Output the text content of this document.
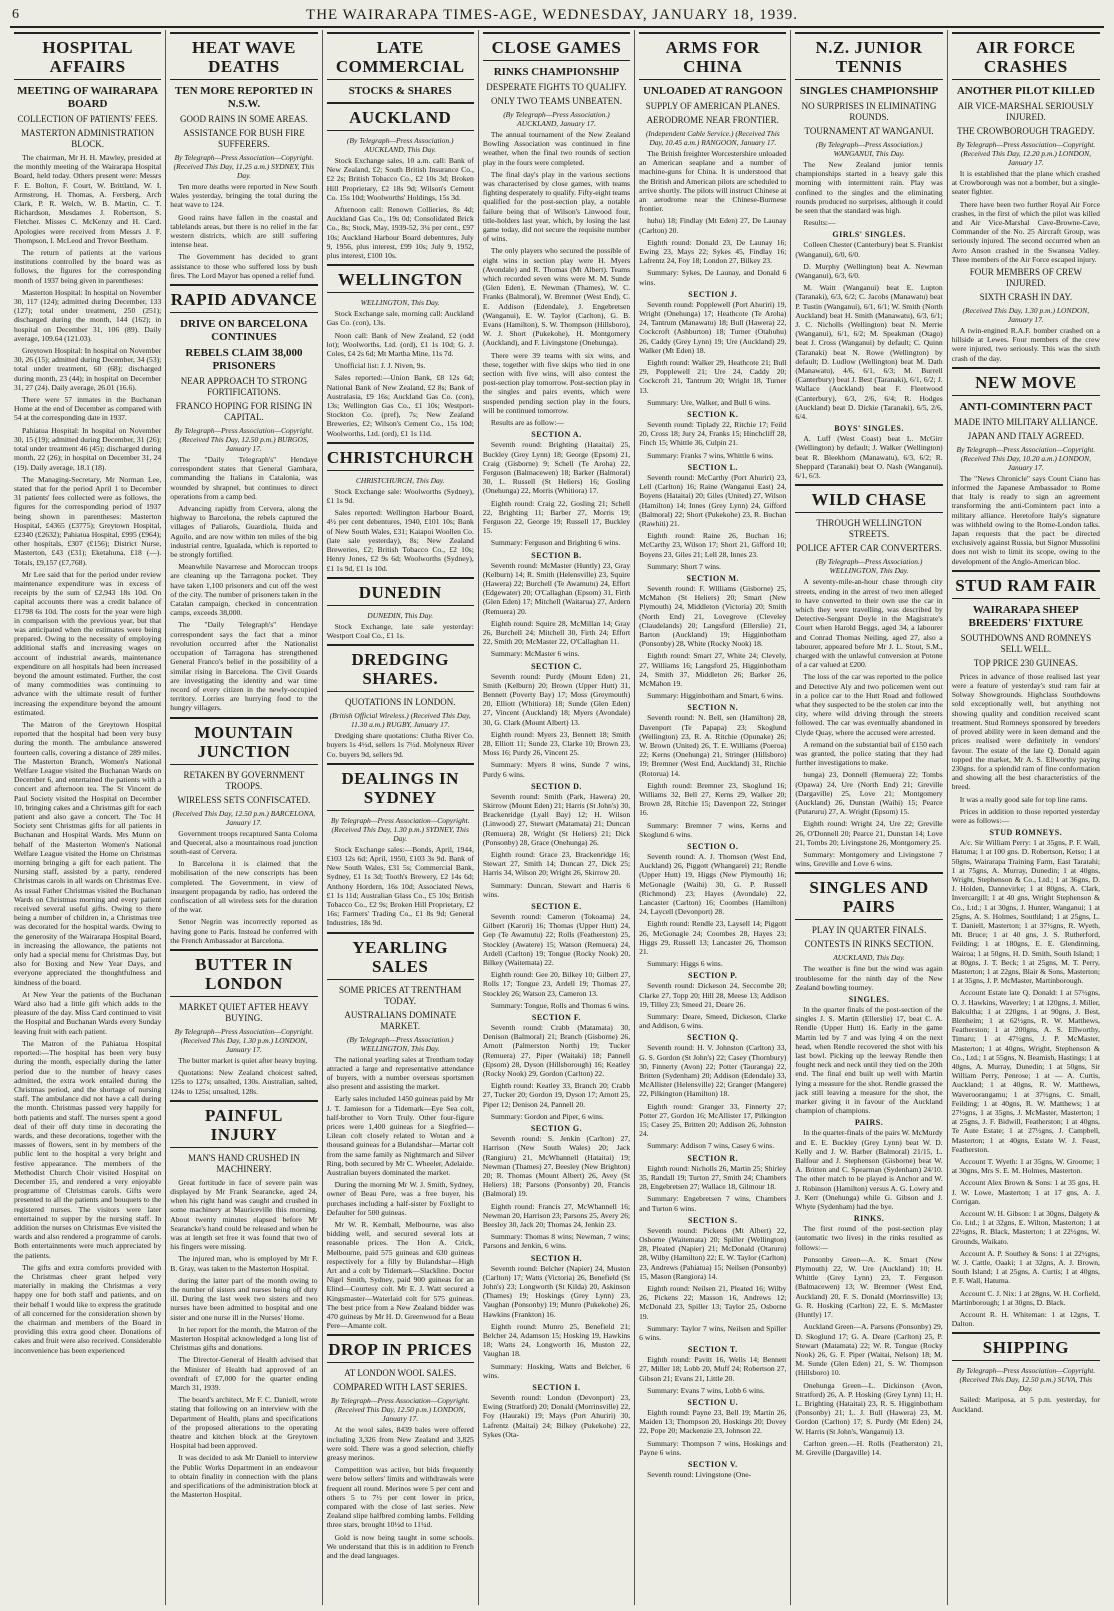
6	THE WAIRARAPA TIMES-AGE, WEDNESDAY, JANUARY 18, 1939.
HOSPITAL AFFAIRS
MEETING OF WAIRARAPA BOARD
COLLECTION OF PATIENTS' FEES.
MASTERTON ADMINISTRATION BLOCK.
The chairman, Mr H. H. Mawley, presided at the monthly meeting of the Wairarapa Hospital Board, held today. Others present were: Messrs F. E. Bolton, F. Court, W. Brittland, W. I. Armstrong, H. Thomas, A. Fersberg, Arch Clark, P. R. Welch, W. B. Martin, C. T. Richardson, Mesdames J. Robertson, S. Fletcher. Misses C. McKenzy and H. Card. Apologies were received from Messrs J. F. Thompson, I. McLeod and Trevor Beetham.
The return of patients at the various institutions controlled by the board was as follows, the figures for the corresponding month of 1937 being given in parentheses:
Masterton Hospital: In hospital on November 30, 117 (124); admitted during December, 133 (127); total under treatment, 250 (251); discharged during the month, 144 (162); in hospital on December 31, 106 (89). Daily average, 109.64 (121.03).
Greytown Hospital: In hospital on November 30, 26 (15); admitted during December, 34 (53); total under treatment, 60 (68); discharged during month, 23 (44); in hospital on December 31, 27 (24). Daily average, 26.01 (16.6).
There were 57 inmates in the Buchanan Home at the end of December as compared with 54 at the corresponding date in 1937.
Pahiatua Hospital: In hospital on November 30, 15 (19); admitted during December, 31 (26); total under treatment 46 (45); discharged during month, 22 (26); in hospital on December 31, 24 (19). Daily average, 18.1 (18).
The Managing-Secretary, Mr Norman Lee, stated that for the period April 1 to December 31 patients' fees collected were as follows, the figures for the corresponding period of 1937 being shown in parentheses: Masterton Hospital, £4365 (£3775); Greytown Hospital, £2340 (£2632); Pahiatua Hospital, £995 (£964); other hospitals, £307 (£156); District Nurse, Masterton, £43 (£31); Eketahuna, £18 (—). Totals, £9,157 (£7,768).
Mr Lee said that for the period under review maintenance expenditure was in excess of receipts by the sum of £2,943 18s 10d. On capital accounts there was a credit balance of £1798 6s 10d. The costs for the year were high in comparison with the previous year, but that was anticipated when the estimates were being prepared. Owing to the necessity of employing additional staffs and increasing wages on account of industrial awards, maintenance expenditure on all hospitals had been increased beyond the amount estimated. Further, the cost of many commodities was continuing to advance with the ultimate result of further increasing the expenditure beyond the amount estimated.
The Matron of the Greytown Hospital reported that the hospital had been very busy during the month. The ambulance answered fourteen calls, covering a distance of 289 miles. The Masterton Branch, Women's National Welfare League visited the Buchanan Wards on December 6, and entertained the patients with a concert and afternoon tea. The St Vincent de Paul Society visited the Hospital on December 10, bringing cakes and a Christmas gift for each patient and also gave a concert. The Toc H Society sent Christmas gifts for all patients in Buchanan and Hospital Wards. Mrs Munn on behalf of the Masterton Women's National Welfare League visited the Home on Christmas morning bringing a gift for each patient. The Nursing staff, assisted by a party, rendered Christmas carols in all wards on Christmas Eve. As usual Father Christmas visited the Buchanan Wards on Christmas morning and every patient received several useful gifts. Owing to there being a number of children in, a Christmas tree was decorated for the hospital wards. Owing to the generosity of the Wairarapa Hospital Board, in increasing the allowance, the patients not only had a special menu for Christmas Day, but also for Boxing and New Year Days, and everyone appreciated the thoughtfulness and kindness of the board.
At New Year the patients of the Buchanan Ward also had a little gift which adds to the pleasure of the day. Miss Card continued to visit the Hospital and Buchanan Wards every Sunday leaving fruit with each patient.
The Matron of the Pahiatua Hospital reported:—The hospital has been very busy during the month, especially during the latter period due to the number of heavy cases admitted, the extra work entailed during the Christmas period, and the shortage of nursing staff. The ambulance did not have a call during the month. Christmas passed very happily for both patients and staff. The nurses spent a good deal of their off duty time in decorating the wards, and these decorations, together with the masses of flowers, sent in by members of the public lent to the hospital a very bright and festive appearance. The members of the Methodist Church Choir visited Hospital on December 15, and rendered a very enjoyable programme of Christmas carols. Gifts were presented to all the patients and bouquets to the registered nurses. The visitors were later entertained to supper by the nursing staff. In addition the nurses on Christmas Eve visited the wards and also rendered a programme of carols. Both entertainments were much appreciated by the patients.
The gifts and extra comforts provided with the Christmas cheer grant helped very materially in making the Christmas a very happy one for both staff and patients, and on their behalf I would like to express the gratitude of all concerned for the consideration shown by the chairman and members of the Board in providing this extra good cheer. Donations of cakes and fruit were also received. Considerable inconvenience has been experienced
HEAT WAVE DEATHS
TEN MORE REPORTED IN N.S.W.
GOOD RAINS IN SOME AREAS.
ASSISTANCE FOR BUSH FIRE SUFFERERS.
By Telegraph—Press Association—Copyright. (Received This Day, 11.25 a.m.) SYDNEY, This Day.
Ten more deaths were reported in New South Wales yesterday, bringing the total during the heat wave to 124.
Good rains have fallen in the coastal and tablelands areas, but there is no relief in the far western districts, which are still suffering intense heat.
The Government has decided to grant assistance to those who suffered loss by bush fires. The Lord Mayor has opened a relief fund.
RAPID ADVANCE
DRIVE ON BARCELONA CONTINUES
REBELS CLAIM 38,000 PRISONERS
NEAR APPROACH TO STRONG FORTIFICATIONS.
FRANCO HOPING FOR RISING IN CAPITAL.
By Telegraph—Press Association—Copyright. (Received This Day, 12.50 p.m.) BURGOS, January 17.
The "Daily Telegraph's" Hendaye correspondent states that General Gambara, commanding the Italians in Catalonia, was wounded by shrapnel, but continues to direct operations from a camp bed.
Advancing rapidly from Cervera, along the highway to Barcelona, the rebels captured the villages of Paliarols, Guardiola, Iluida and Aguilo, and are now within ten miles of the big industrial centre, Igualada, which is reported to be strongly fortified.
Meanwhile Navarrese and Moroccan troops are cleaning up the Tarragona pocket. They have taken 1,100 prisoners and cut off the west of the city. The number of prisoners taken in the Catalan campaign, checked in concentration camps, exceeds 38,000.
The "Daily Telegraph's" Hendaye correspondent says the fact that a minor revolution occurred after the Nationalist occupation of Tarragona has strengthened General Franco's belief in the possibility of a similar rising in Barcelona. The Civil Guards are investigating the identity and war time record of every citizen in the newly-occupied territory. Lorries are hurrying food to the hungry villagers.
MOUNTAIN JUNCTION
RETAKEN BY GOVERNMENT TROOPS.
WIRELESS SETS CONFISCATED.
(Received This Day, 12.50 p.m.) BARCELONA, January 17.
Government troops recaptured Santa Coloma and Queceral, also a mountainous road junction south-east of Cervera.
In Barcelona it is claimed that the mobilisation of the new conscripts has been completed. The Government, in view of insurgent propaganda by radio, has ordered the confiscation of all wireless sets for the duration of the war.
Senor Negrin was incorrectly reported as having gone to Paris. Instead he conferred with the French Ambassador at Barcelona.
BUTTER IN LONDON
MARKET QUIET AFTER HEAVY BUYING.
By Telegraph—Press Association—Copyright. (Received This Day, 1.30 p.m.) LONDON, January 17.
The butter market is quiet after heavy buying.
Quotations: New Zealand choicest salted, 125s to 127s; unsalted, 130s. Australian, salted, 124s to 125s; unsalted, 128s.
PAINFUL INJURY
MAN'S HAND CRUSHED IN MACHINERY.
Great fortitude in face of severe pain was displayed by Mr Frank Searancke, aged 24, when his right hand was caught and crushed in some machinery at Mauriceville this morning. About twenty minutes elapsed before Mr Searancke's hand could be released and when he was at length set free it was found that two of his fingers were missing.
The injured man, who is employed by Mr F. B. Gray, was taken to the Masterton Hospital.
during the latter part of the month owing to the number of sisters and nurses being off duty ill. During the last week two sisters and two nurses have been admitted to hospital and one sister and one nurse ill in the Nurses' Home.
In her report for the month, the Matron of the Masterton Hospital acknowledged a long list of Christmas gifts and donations.
The Director-General of Health advised that the Minister of Health had approved of an overdraft of £7,000 for the quarter ending March 31, 1939.
The board's architect, Mr F. C. Daniell, wrote stating that following on an interview with the Department of Health, plans and specifications of the proposed alterations to the operating theatre and kitchen block at the Greytown Hospital had been approved.
It was decided to ask Mr Daniell to interview the Public Works Department in an endeavour to obtain finality in connection with the plans and specifications of the administration block at the Masterton Hospital.
LATE COMMERCIAL
STOCKS & SHARES
AUCKLAND
(By Telegraph—Press Association.) AUCKLAND, This Day.
Stock Exchange sales, 10 a.m. call: Bank of New Zealand, £2; South British Insurance Co., £2 2s; British Tobacco Co., £2 10s 3d; Broken Hill Proprietary, £2 18s 9d; Wilson's Cement Co. 15s 10d; Woolworths' Holdings, 15s 3d.
Afternoon call: Renown Collieries, 8s 4d; Auckland Gas Co., 19s 0d; Consolidated Brick Co., 8s; Stock, May, 1939-52, 3¼ per cent., £97 10s; Auckland Harbour Board debentures, July 9, 1956, plus interest, £99 10s; July 9, 1952, plus interest, £100 10s.
WELLINGTON
WELLINGTON, This Day.
Stock Exchange sale, morning call: Auckland Gas Co. (con), 13s.
Noon call: Bank of New Zealand, £2 (odd lot); Woolworths, Ltd. (ord), £1 1s 10d; G. J. Coles, £4 2s 6d; Mt Martha Mine, 11s 7d.
Unofficial list: J. J. Niven, 9s.
Sales reported:—Union Bank, £8 12s 6d; National Bank of New Zealand, £2 8s; Bank of Australasia, £9 16s; Auckland Gas Co. (con), 13s; Wellington Gas Co., £1 10s; Westport-Stockton Co. (pref), 7s; New Zealand Breweries, £2; Wilson's Cement Co., 15s 10d; Woolworths, Ltd. (ord), £1 1s 11d.
CHRISTCHURCH
CHRISTCHURCH, This Day.
Stock Exchange sale: Woolworths (Sydney), £1 1s 9d.
Sales reported: Wellington Harbour Board, 4½ per cent debentures, 1940, £101 10s; Bank of New South Wales, £31; Kaiapoi Woollen Co. (late sale yesterday), 8s; New Zealand Breweries, £2; British Tobacco Co., £2 10s; Henry Jones, £2 9s 6d; Woolworths (Sydney), £1 1s 9d, £1 1s 10d.
DUNEDIN
DUNEDIN, This Day.
Stock Exchange, late sale yesterday: Westport Coal Co., £1 1s.
DREDGING SHARES.
QUOTATIONS IN LONDON.
(British Official Wireless.) (Received This Day, 11.30 a.m.) RUGBY, January 17.
Dredging share quotations: Clutha River Co. buyers 1s 4½d, sellers 1s 7½d. Molyneux River Co. buyers 9d, sellers 9d.
DEALINGS IN SYDNEY
By Telegraph—Press Association—Copyright. (Received This Day, 1.30 p.m.) SYDNEY, This Day.
Stock Exchange sales:—Bonds, April, 1944, £103 12s 6d; April, 1950, £103 3s 9d. Bank of New South Wales, £31 5s; Commercial Bank, Sydney, £1 1s 3d; Tooth's Brewery, £2 14s 6d; Anthony Hordern, 16s 10d; Associated News, £1 1s 11d; Australian Glass Co., £5 10s; British Tobacco Co., £2 9s; Broken Hill Proprietary, £2 16s; Farmers' Trading Co., £1 8s 9d; General Industries, 18s 9d.
YEARLING SALES
SOME PRICES AT TRENTHAM TODAY.
AUSTRALIANS DOMINATE MARKET.
(By Telegraph—Press Association.) WELLINGTON, This Day.
The national yearling sales at Trentham today attracted a large and representative attendance of buyers, with a number overseas sportsmen also present and assisting the market.
Early sales included 1450 guineas paid by Mr J. T. Jamieson for a Tidemark—Eye Sea colt, half-brother to Vorn Truly. Other four-figure prices were 1,400 guineas for a Siegfried—Lilean colt closely related to Wotan and a thousand guineas for a Bulandshar—Martar colt from the same family as Nightmarch and Silver Ring, both secured by Mr C. Wheeler, Adelaide. Australian buyers dominated the market.
During the morning Mr W. J. Smith, Sydney, owner of Beau Pere, was a free buyer, his purchases including a half-sister by Foxlight to Defaulter for 500 guineas.
Mr W. R. Kemball, Melbourne, was also bidding well, and secured several lots at reasonable prices. The Hon A. Crick, Melbourne, paid 575 guineas and 630 guineas respectively for a filly by Bulandshar—High Art and a colt by Tidemark—Slackline. Doctor Nigel Smith, Sydney, paid 900 guineas for an Elind—Courtesy colt. Mr E. J. Watt secured a Kingsmaster—Waterlaid colt for 575 guineas. The best price from a New Zealand bidder was 470 guineas by Mr H. D. Greenwood for a Beau Pere—Amante colt.
DROP IN PRICES
AT LONDON WOOL SALES.
COMPARED WITH LAST SERIES.
By Telegraph—Press Association—Copyright. (Received This Day, 12.50 p.m.) LONDON, January 17.
At the wool sales, 8439 bales were offered including 3,326 from New Zealand and 3,825 were sold. There was a good selection, chiefly greasy merinos.
Competition was active, but bids frequently were below sellers' limits and withdrawals were frequent all round. Merinos were 5 per cent and others 5 to 7½ per cent lower in price, compared with the close of last series. New Zealand slipe halfbred combing lambs. Fellding three stars, brought 10½d to 11¼d.
Gold is now being taught in some schools. We understand that this is in addition to French and the dead languages.
CLOSE GAMES
RINKS CHAMPIONSHIP
DESPERATE FIGHTS TO QUALIFY.
ONLY TWO TEAMS UNBEATEN.
(By Telegraph—Press Association.) AUCKLAND, January 17.
The annual tournament of the New Zealand Bowling Association was continued in fine weather, when the final two rounds of section play in the fours were completed.
The final day's play in the various sections was characterised by close games, with teams fighting desperately to qualify. Fifty-eight teams qualified for the post-section play, a notable failure being that of Wilson's Linwood four, title-holders last year, which, by losing the last game today, did not secure the requisite number of wins.
The only players who secured the possible of eight wins in section play were H. Myers (Avondale) and R. Thomas (Mt Albert). Teams which recorded seven wins were M. M. Sunde (Glen Eden), E. Newman (Thames), W. C. Franks (Balmoral), W. Bremner (West End), C. E. Addison (Edendale), J. Engebretsen (Wanganui), E. W. Taylor (Carlton), G. B. Evans (Hamilton), S. W. Thompson (Hillsboro), W. J. Short (Pukekohe), H. Montgomery (Auckland), and F. Livingstone (Onehunga).
There were 39 teams with six wins, and these, together with five skips who tied in one section with five wins, will also contest the post-section play tomorrow. Post-section play in the singles and pairs events, which were suspended pending section play in the fours, will be continued tomorrow.
Results are as follow:—
SECTION A.
Seventh round: Brighting (Hataitai) 25, Buckley (Grey Lynn) 18; George (Epsom) 21, Craig (Gisborne) 9; Schell (Te Aroha) 22, Ferguson (Balmacewen) 18; Barker (Balmoral) 30, L. Russell (St Heliers) 16; Gosling (Onehunga) 22, Morris (Whitiora) 17.
Eighth round: Craig 22, Gosling 21; Schell 22, Brighting 11; Barber 27, Morris 19; Ferguson 22, George 19; Russell 17, Buckley 15.
Summary: Ferguson and Brighting 6 wins.
SECTION B.
Seventh round: McMaster (Huntly) 23, Gray (Kelburn) 14; R. Smith (Helensville) 23, Squire (Hawera) 22; Burchell (Te Awamutu) 24, Effort (Edgewater) 20; O'Callaghan (Epsom) 31, Firth (Glen Eden) 17; Mitchell (Waitarua) 27, Ardern (Remuera) 20.
Eighth round: Squire 28, McMillan 14; Gray 26, Burchell 24; Mitchell 30, Firth 24; Effort 22, Smith 20; McMaster 22, O'Callaghan 11.
Summary: McMaster 6 wins.
SECTION C.
Seventh round: Purdy (Mount Eden) 21, Smith (Kelburn) 20; Brown (Upper Hutt) 31, Bennett (Poverty Bay) 17; Moss (Greymouth) 20, Elliott (Whitiora) 18; Sunde (Glen Eden) 27, Vincent (Auckland) 18; Myers (Avondale) 30, G. Clark (Mount Albert) 13.
Eighth round: Myers 23, Bennett 18; Smith 28, Elliott 11; Sunde 23, Clarke 10; Brown 23, Moss 16; Purdy 26, Vincent 25.
Summary: Myers 8 wins, Sunde 7 wins, Purdy 6 wins.
SECTION D.
Seventh round: Smith (Park, Hawera) 20, Skirrow (Mount Eden) 21; Harris (St John's) 30, Brackenridge (Lyall Bay) 12; H. Wilson (Linwood) 27, Stewart (Matamata) 21; Duncan (Remuera) 28, Wright (St Heliers) 21; Dick (Ponsonby) 28, Grace (Onehunga) 26.
Eighth round: Grace 23, Brackenridge 16; Stewart 27, Smith 14; Duncan 27, Dick 25; Harris 34, Wilson 20; Wright 26, Skirrow 20.
Summary: Duncan, Stewart and Harris 6 wins.
SECTION E.
Seventh round: Cameron (Tokoama) 24, Gilbert (Karori) 16; Thomas (Upper Hutt) 24, Gep (Te Awamutu) 22; Rolls (Featherston) 25, Stockley (Awatere) 15; Watson (Remuera) 24, Ardell (Carlton) 19; Tongue (Rocky Nook) 20, Bilkey (Waitemata) 22.
Eighth round: Gee 20, Bilkey 10; Gilbert 27, Rolls 17; Tongue 23, Ardell 19; Thomas 27, Stockley 26; Watson 23, Cameron 13.
Summary: Tongue, Rolls and Thomas 6 wins.
SECTION F.
Seventh round: Crabb (Matamata) 30, Denison (Balmoral) 21; Branch (Gisborne) 26, Arnott (Palmerston North) 19; Tucker (Remuera) 27, Piper (Waitaki) 18; Pannell (Epsom) 28, Dyson (Hillsborough) 16; Keatley (Rocky Nook) 29, Gordon (Carlton) 22.
Eighth round: Keatley 33, Branch 20; Crabb 27, Tucker 20; Gordon 19, Dyson 17; Arnott 25, Piper 12; Denison 24, Pannell 20.
Summary: Gordon and Piper, 6 wins.
SECTION G.
Seventh round: S. Jenkin (Carlton) 27, Harrison (New South Wales) 20; Jack (Rangiuru) 21, McWhannell (Hataitai) 19; Newman (Thames) 27, Beesley (New Brighton) 20; R. Thomas (Mount Albert) 26, Avey (St Heliers) 18; Parsons (Ponsonby) 20, Francis (Balmoral) 19.
Eighth round: Francis 27, McWhannell 16; Newman 20, Harrison 23; Parsons 25, Avery 26; Beesley 30, Jack 20; Thomas 24, Jenkin 23.
Summary: Thomas 8 wins; Newman, 7 wins; Parsons and Jenkin, 6 wins.
SECTION H.
Seventh round: Belcher (Napier) 24, Muston (Carlton) 17; Watts (Victoria) 26, Benefield (St John's) 23; Longworth (St Kilda) 20, Askinson (Thames) 19; Hoskings (Grey Lynn) 23, Vaughan (Ponsonby) 19; Munro (Pukekohe) 26, Hawkins (Frankton) 16.
Eighth round: Munro 25, Benefield 21; Belcher 24, Adamson 15; Hosking 19, Hawkins 18; Watts 24, Longworth 16, Muston 22, Vaughan 18.
Summary: Hosking, Watts and Belcher, 6 wins.
SECTION I.
Seventh round: London (Devonport) 23, Ewing (Stratford) 20; Donald (Morrinsville) 22, Foy (Hauraki) 19; Mays (Port Ahuriri) 30, Lafrentz (Maitai) 24; Bilkey (Pukekohe) 22, Sykes (Ota-
ARMS FOR CHINA
UNLOADED AT RANGOON
SUPPLY OF AMERICAN PLANES.
AERODROME NEAR FRONTIER.
(Independent Cable Service.) (Received This Day, 10.45 a.m.) RANGOON, January 17.
The British freighter Worcestershire unloaded an American seaplane and a number of machine-guns for China. It is understood that the British and American pilots are scheduled to arrive shortly. The pilots will instruct Chinese at an aerodrome near the Chinese-Burmese frontier.
huhu) 18; Findlay (Mt Eden) 27, De Launay (Carlton) 20.
Eighth round: Donald 23, De Launay 16; Ewing 23, Mays 22; Sykes 45, Findlay 16; Lafrentz 24, Foy 18; London 27, Bilkey 23.
Summary: Sykes, De Launay, and Donald 6 wins.
SECTION J.
Seventh round: Popplewell (Port Ahuriri) 19, Wright (Onehunga) 17; Heathcote (Te Aroha) 24, Tantrum (Manawatu) 18; Bull (Hawera) 22, Cockcroft (Ashburton) 18; Turner (Otahuhu) 26, Caddy (Grey Lynn) 19; Ure (Auckland) 29, Walker (Mt Eden) 18.
Eighth round: Walker 29, Heathcote 21; Bull 29, Popplewell 21; Ure 24, Caddy 20; Cockcroft 21, Tantrum 20; Wright 18, Turner 13.
Summary: Ure, Walker, and Bull 6 wins.
SECTION K.
Seventh round: Tiplady 22, Ritchie 17; Feild 20, Cross 18; Jury 24, Franks 15; Hinchcliff 28, Finch 15; Whittle 36, Culpin 21.
Summary: Franks 7 wins, Whittle 6 wins.
SECTION L.
Seventh round: McCarthy (Port Ahuriri) 23, Lell (Carlton) 16; Raine (Wanganui East) 24, Boyens (Hataitai) 20; Giles (United) 27, Wilson (Hamilton) 14; Innes (Grey Lynn) 24, Gifford (Balmoral) 22; Short (Pukekohe) 23, R. Buchan (Rawhiti) 21.
Eighth round: Raine 26, Buchan 16; McCarthy 23, Wilson 17; Short 21, Gifford 10; Boyens 23, Giles 21; Lell 28, Innes 23.
Summary: Short 7 wins.
SECTION M.
Seventh round: F. Williams (Gisborne) 25, McMahon (St Heliers) 20; Smart (New Plymouth) 24, Middleton (Victoria) 20; Smith (North End) 21, Lovegrove (Cleveley (Claudelands) 20; Langsford (Ellerslie) 21, Barton (Auckland) 19; Higginbotham (Ponsonby) 28, White (Rocky Nook) 18.
Eighth round: Smart 27, White 24; Clevely, 27, Williams 16; Langsford 25, Higginbotham 24, Smith 37, Middleton 26; Barker 26, McMahon 19.
Summary: Higginbotham and Smart, 6 wins.
SECTION N.
Seventh round: N. Bell, sen (Hamilton) 28, Davenport (Te Papapa) 23; Skoglund (Wellington) 23, R. A. Ritchie (Opunake) 26; W. Brown (United) 26, T. E. Williams (Poeroa) 22; Kerns (Onehunga) 21, Stringer (Hillsboro) 19; Bremner (West End, Auckland) 31, Ritchie (Rotorua) 14.
Eighth round: Bremner 23, Skoglund 16; Williams 32, Bell 27, Kerns 29, Walker 20; Brown 28, Ritchie 15; Davenport 22, Stringer 16.
Summary: Bremner 7 wins, Kerns and Skoglund 6 wins.
SECTION O.
Seventh round: A. J. Thomson (West End, Auckland) 26, Piggott (Whangarei) 21; Rendle (Upper Hutt) 19, Higgs (New Plymouth) 16; McGonagle (Waihi) 30, G. P. Russell (Richmond) 23; Hayes (Avondale) 22, Lancaster (Carlton) 16; Coombes (Hamilton) 24, Laycell (Devonport) 28.
Eighth round: Rendle 23, Laysell 14; Piggott 26, McGonagle 24; Coombes 28, Hayes 23; Higgs 29, Russell 13; Lancaster 26, Thomson 21.
Summary: Higgs 6 wins.
SECTION P.
Seventh round: Dickeson 24, Seccombe 20; Clarke 27, Topp 20; Hill 28, Meese 13; Addison 19, Tilley 23; Smeed 21, Deare 26.
Summary: Deare, Smeed, Dickeson, Clarke and Addison, 6 wins.
SECTION Q.
Seventh round: H. V. Johnston (Carlton) 33, G. S. Gordon (St John's) 22; Casey (Thornbury) 30, Finnerty (Avon) 22; Potter (Tauranga) 22, Britten (Sydenham) 20; Addison (Edendale) 33, McAllister (Helensville) 22; Granger (Mangere) 22, Pilkington (Hamilton) 18.
Eighth round: Granger 33, Finnerty 27; Potter 27, Gordon 16; McAllister 17, Pilkington 15; Casey 25, Britten 20; Addison 26, Johnston 24.
Summary: Addison 7 wins, Casey 6 wins.
SECTION R.
Eighth round: Nicholls 26, Martin 25; Shirley 35, Randall 19; Turton 27, Smith 24; Chambers 28, Engebretsen 27; Wallace 18, Gilmour 18.
Summary: Engebretsen 7 wins, Chambers and Turton 6 wins.
SECTION S.
Seventh round: Pickens (Mt Albert) 22, Osborne (Waitemata) 20; Spiller (Wellington) 28, Pleated (Napier) 21; McDonald (Otaruru) 28, Wilby (Hamilton) 22; E. W. Taylor (Carlton) 23, Andrews (Pahiatua) 15; Neilsen (Ponsonby) 15, Mason (Rangiora) 14.
Eighth round: Neilsen 21, Pleated 16; Wilby 26, Pickens 22; Masson 16, Andrews 12; McDonald 23, Spiller 13; Taylor 25, Osborne 19.
Summary: Taylor 7 wins, Neilsen and Spiller 6 wins.
SECTION T.
Eighth round: Pavitt 16, Wells 14; Bennett 27, Miller 18; Lobb 20, Muff 24; Robertson 27, Gibson 21; Evans 21, Little 20.
Summary: Evans 7 wins, Lobb 6 wins.
SECTION U.
Eighth round: Payne 23, Bell 19; Martin 26, Maiden 13; Thompson 20, Hoskings 20; Dovey 22, Pope 20; Mackenzie 23, Johnson 22.
Summary: Thompson 7 wins, Hoskings and Payne 6 wins.
SECTION V.
Seventh round: Livingstone (One-
N.Z. JUNIOR TENNIS
SINGLES CHAMPIONSHIP
NO SURPRISES IN ELIMINATING ROUNDS.
TOURNAMENT AT WANGANUI.
(By Telegraph—Press Association.) WANGANUI, This Day.
The New Zealand junior tennis championships started in a heavy gale this morning with intermittent rain. Play was confined to the singles and the eliminating rounds produced no surprises, although it could be seen that the standard was high.
Results:—
GIRLS' SINGLES.
Colleen Chester (Canterbury) beat S. Frankist (Wanganui), 6/0, 6/0.
D. Murphy (Wellington) beat A. Newman (Wanganui), 6/3, 6/0.
M. Waitt (Wanganui) beat E. Lupton (Taranaki), 6/3, 6/2; C. Jacobs (Manawatu) beat P. Tustin (Wanganui), 6/1, 6/1; W. Smith (North Auckland) beat H. Smith (Manawatu), 6/3, 6/1; J. C. Nicholls (Wellington) beat N. Merrie (Wanganui), 6/1, 6/2; M. Speakman (Otago) beat J. Cross (Wanganui) by default; C. Quinn (Taranaki) beat N. Rowe (Wellington) by default; D. Ludlow (Wellington) beat M. Dath (Manawatu), 4/6, 6/1, 6/3; M. Burrell (Canterbury) beat J. Best (Taranaki), 6/1, 6/2; J. Wallace (Auckland) beat F. Fleetwood (Canterbury), 6/3, 2/6, 6/4; R. Hodges (Auckland) beat D. Dickie (Taranaki), 6/5, 2/6, 6/4.
BOYS' SINGLES.
A. Luff (West Coast) beat L. McGirr (Wellington) by default; J. Walker (Wellington) beat R. Bleekhorn (Manawatu), 6/3, 6/2; R. Sheppard (Taranaki) beat O. Nash (Wanganui), 6/1, 6/3.
WILD CHASE
THROUGH WELLINGTON STREETS.
POLICE AFTER CAR CONVERTERS.
(By Telegraph—Press Association.) WELLINGTON, This Day.
A seventy-mile-an-hour chase through city streets, ending in the arrest of two men alleged to have converted to their own use the car in which they were travelling, was described by Detective-Sergeant Doyle in the Magistrate's Court when Harold Beggs, aged 34, a labourer and Conrad Thomas Neiling, aged 27, also a labourer, appeared before Mr J. L. Stout, S.M., charged with the unlawful conversion at Potone of a car valued at £200.
The loss of the car was reported to the police and Detective Aly and two policemen went out in a police car to the Hutt Road and followed what they suspected to be the stolen car into the city, where wild driving through the streets followed. The car was eventually abandoned in Clyde Quay, where the accused were arrested.
A remand on the substantial bail of £150 each was granted, the police stating that they had further investigations to make.
hunga) 23, Donnell (Remuera) 22; Tombs (Opawa) 24, Ure (North End) 21; Greville (Dargaville) 25, Love 21; Montgomery (Auckland) 26, Dunstan (Waihi) 15; Pearce (Putaruru) 27, A. Wright (Epsom) 15.
Eighth round: Wright 24, Ure 22; Greville 26, O'Donnell 20; Pearce 21, Dunstan 14; Love 21, Tombs 20; Livingstone 26, Montgomery 25.
Summary: Montgomery and Livingstone 7 wins, Greville and Love 6 wins.
SINGLES AND PAIRS
PLAY IN QUARTER FINALS.
CONTESTS IN RINKS SECTION.
AUCKLAND, This Day.
The weather is fine but the wind was again troublesome for the ninth day of the New Zealand bowling tourney.
SINGLES.
In the quarter finals of the post-section of the singles J. S. Martin (Ellerslie) 17, beat C. A. Rendle (Upper Hutt) 16. Early in the game Martin led by 7 and was lying 4 on the next head, when Rendle recovered the shot with his last bowl. Picking up the leeway Rendle then fought neck and neck until they tied on the 20th end. The final end built up well with Martin lying a measure for the shot. Rendle grassed the jack still leaving a measure for the shot, the marker giving it in favour of the Auckland champion of champions.
PAIRS.
In the quarter-finals of the pairs W. McMurdy and E. E. Buckley (Grey Lynn) beat W. D. Kelly and J. W. Barber (Balmoral) 21/15, L. Balfour and J. Stephenson (Gisborne) beat W. A. Britten and C. Spearman (Sydenham) 24/10. The other match to be played is Anchor and W. J. Robinson (Hamilton) versus A. G. Lowry and J. Kerr (Onehunga) while G. Gibson and J. Whyte (Sydenham) had the bye.
RINKS.
The first round of the post-section play (automatic two lives) in the rinks resulted as follows:—
Ponsonby Green—A. K. Smart (New Plymouth) 22, W. Ure (Auckland) 10; H. Whittle (Grey Lynn) 23, T. Ferguson (Balmacewen) 13; W. Bremner (West End, Auckland) 20, F. S. Donald (Morrinsville) 13; G. R. Hosking (Carlton) 22, E. S. McMaster (Huntly) 17.
Auckland Green—A. Parsons (Ponsonby) 29, D. Skoglund 17; G. A. Deare (Carlton) 25, P. Stewart (Matamata) 22; W. R. Tongue (Rocky Nook) 26, G. F. Piper (Waitai, Nelson) 18; M. M. Sunde (Glen Eden) 21, S. W. Thompson (Hillsboro) 10.
Onehunga Green—L. Dickinson (Avon, Stratford) 26, A. P. Hosking (Grey Lynn) 11; H. L. Brighting (Hataitai) 23, R. S. Higginbotham (Ponsonby) 21; L. J. Bull (Hawera) 23, M. Gordon (Carlton) 17; S. Purdy (Mt Eden) 24, W. Harris (St John's, Wanganui) 13.
Carlton green.—H. Rolls (Featherston) 21, M. Greville (Dargaville) 14.
AIR FORCE CRASHES
ANOTHER PILOT KILLED
AIR VICE-MARSHAL SERIOUSLY INJURED.
THE CROWBOROUGH TRAGEDY.
By Telegraph—Press Association—Copyright. (Received This Day, 12.20 p.m.) LONDON, January 17.
It is established that the plane which crashed at Crowborough was not a bomber, but a single-seater fighter.
There have been two further Royal Air Force crashes, in the first of which the pilot was killed and Air Vice-Marshal Cave-Browne-Cave, Commander of the No. 25 Aircraft Group, was seriously injured. The second occurred when an Avro Anson crashed in the Swansea Valley. Three members of the Air Force escaped injury.
FOUR MEMBERS OF CREW INJURED.
SIXTH CRASH IN DAY.
(Received This Day, 1.30 p.m.) LONDON, January 17.
A twin-engined R.A.F. bomber crashed on a hillside at Lewes. Four members of the crew were injured, two seriously. This was the sixth crash of the day.
NEW MOVE
ANTI-COMINTERN PACT
MADE INTO MILITARY ALLIANCE.
JAPAN AND ITALY AGREED.
By Telegraph—Press Association—Copyright. (Received This Day, 10.20 a.m.) LONDON, January 17.
The "News Chronicle" says Count Ciano has informed the Japanese Ambassador to Rome that Italy is ready to sign an agreement transforming the anti-Comintern pact into a military alliance. Heretofore Italy's signature was withheld owing to the Rome-London talks. Japan requests that the pact be directed exclusively against Russia, but Signor Mussolini does not wish to limit its scope, owing to the development of the Anglo-American bloc.
STUD RAM FAIR
WAIRARAPA SHEEP BREEDERS' FIXTURE
SOUTHDOWNS AND ROMNEYS SELL WELL.
TOP PRICE 230 GUINEAS.
Prices in advance of those realised last year were a feature of yesterday's stud ram fair at Solway Showgrounds. Highclass Southdowns sold exceptionally well, but anything not showing quality and condition received scant treatment. Stud Romneys sponsored by breeders of proved ability were in keen demand and the prices realised were definitely in vendors' favour. The estate of the late Q. Donald again topped the market, Mr A. S. Ellworthy paying 230gns. for a splendid ram of fine conformation and showing all the best characteristics of the breed.
It was a really good sale for top line rams.
Prices in addition to those reported yesterday were as follows:—
STUD ROMNEYS.
A/c. Sir William Perry: 1 at 35gns, P. F. Wall, Hatuma; 1 at 100 gns. D. Robertson, Ketso; 1 at 50gns, Wairarapa Training Farm, East Taratahi; 1 at 75gns, A. Murray, Dunedin; 1 at 40gns, Wright, Stephenson & Co., Ltd.; 1 at 36gns, D. J. Holden, Dannevirke; 1 at 80gns, A. Clark, Invercargill; 1 at 40 gns, Wright Stephenson & Co., Ltd.; 1 at 30gns, J. Hunter, Wanganui; 1 at 25gns, A. S. Holmes, Southland; 1 at 25gns, L. T. Daniell, Masterton; 1 at 37½gns, R. Wyeth, Mt. Bruce; 1 at 40 gns, J. S. Rutherford, Feilding; 1 at 180gns, E. E. Glendinning, Wairoa; 1 at 50gns, H. D. Smith, South Island; 1 at 80gns, J. T. Beck; 1 at 25gns, M. T. Perry, Masterton; 1 at 22gns, Blair & Sons, Masterton; 1 at 35gns, J. P. McMaster, Martinborough.
Account Estate late Q. Donald: 1 at 57½gns, O. J. Hawkins, Waverley; 1 at 120gns, J. Miller, Balcultha; 1 at 220gns, 1 at 90gns, J. Best, Blenheim; 1 at 62½gns, R. W. Matthews, Featherston; 1 at 200gns, A. S. Ellworthy, Timaru; 1 at 47½gns, J. P. McMaster, Masterton; 1 at 40gns, Wright, Stephenson & Co., Ltd.; 1 at 55gns, N. Beamish, Hastings; 1 at 40gns, A. Murray, Dunedin; 1 at 50gns, Sir William Perry, Penrose; 1 at — A. Curtis, Auckland; 1 at 40gns, R. W. Matthews, Waveroorangamu; 1 at 37½gns, C. Small, Feilding; 1 at 40gns, R. W. Matthews; 1 at 27½gns, 1 at 35gns, J. McMaster, Masterton; 1 at 25gns, J. F. Bidwill, Featherston; 1 at 40gns, Te Aute Estate; 1 at 27½gns, J. Campbell, Masterton; 1 at 40gns, Estate W. J. Feast, Featherston.
Account T. Wyeth: 1 at 35gns, W. Groome; 1 at 30gns, Mrs S. E. M. Holmes, Masterton.
Account Alex Brown & Sons: 1 at 35 gns, H. J. W. Lowe, Masterton; 1 at 17 gns, A. J. Corrigan.
Account W. H. Gibson: 1 at 30gns, Dalgety & Co. Ltd.; 1 at 32gns, E. Wilton, Masterton; 1 at 22½gns, R. Black, Masterton; 1 at 22½gns, W. Grounds, Waikato.
Account A. P. Southey & Sons: 1 at 22½gns, W. J. Cattle, Oaaki; 1 at 32gns, A. J. Brown, South Island; 1 at 25gns, A. Curtis; 1 at 40gns, P. F. Wall, Hatuma.
Account C. J. Nix: 1 at 28gns, W. H. Corfield, Martinborough; 1 at 30gns, D. Black.
Account R. H. Whiteman: 1 at 12gns, T. Dalton.
SHIPPING
By Telegraph—Press Association—Copyright. (Received This Day, 12.50 p.m.) SUVA, This Day.
Sailed: Mariposa, at 5 p.m. yesterday, for Auckland.
